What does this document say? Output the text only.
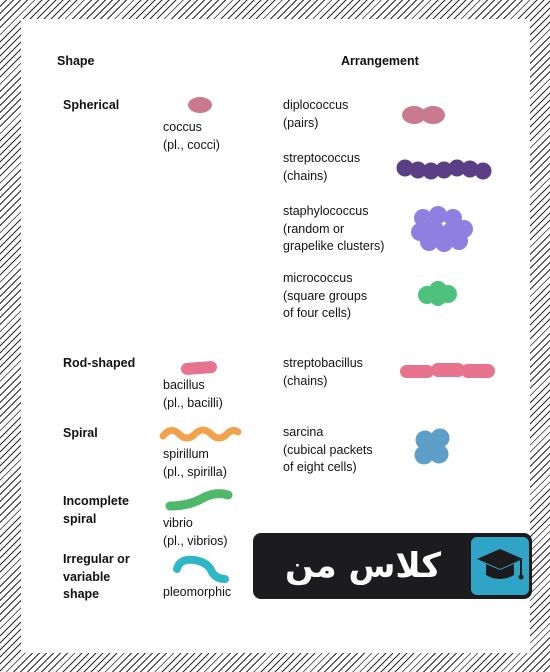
Shape	Arrangement
Spherical
Rod-shaped
Spiral
Incomplete
spiral
Irregular or
variable
shape
coccus
(pl., cocci)
bacillus
(pl., bacilli)
spirillum
(pl., spirilla)
vibrio
(pl., vibrios)
pleomorphic
diplococcus
(pairs)
streptococcus
(chains)
staphylococcus
(random or
grapelike clusters)
micrococcus
(square groups
of four cells)
streptobacillus
(chains)
sarcina
(cubical packets
of eight cells)
کلاس من
